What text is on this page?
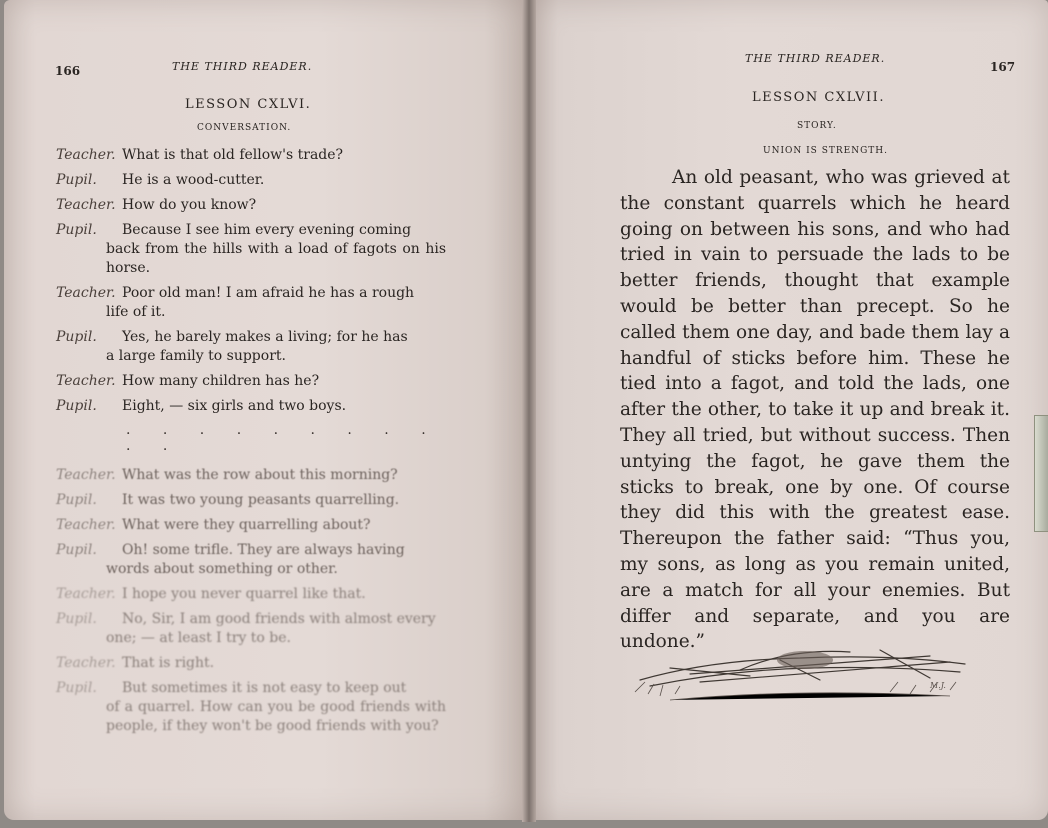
166	THE THIRD READER.
LESSON CXLVI.
CONVERSATION.
Teacher. What is that old fellow's trade?
Pupil.	He is a wood-cutter.
Teacher. How do you know?
Pupil.	Because I see him every evening coming
back from the hills with a load of fagots on his horse.
Teacher. Poor old man! I am afraid he has a rough
life of it.
Pupil.	Yes, he barely makes a living; for he has
a large family to support.
Teacher. How many children has he?
Pupil.	Eight, — six girls and two boys.
. . . . . . . . . . .
Teacher. What was the row about this morning?
Pupil.	It was two young peasants quarrelling.
Teacher. What were they quarrelling about?
Pupil.	Oh! some trifle. They are always having
words about something or other.
Teacher. I hope you never quarrel like that.
Pupil.	No, Sir, I am good friends with almost every
one; — at least I try to be.
Teacher. That is right.
Pupil.	But sometimes it is not easy to keep out
of a quarrel. How can you be good friends with people, if they won't be good friends with you?
THE THIRD READER.
167
LESSON CXLVII.
STORY.
UNION IS STRENGTH.

An old peasant, who was grieved at the constant quarrels which he heard going on between his sons, and who had tried in vain to persuade the lads to be better friends, thought that example would be better than precept. So he called them one day, and bade them lay a handful of sticks before him. These he tied into a fagot, and told the lads, one after the other, to take it up and break it. They all tried, but without success. Then untying the fagot, he gave them the sticks to break, one by one. Of course they did this with the greatest ease. Thereupon the father said: “Thus you, my sons, as long as you remain united, are a match for all your enemies. But differ and separate, and you are undone.”

M.J.
